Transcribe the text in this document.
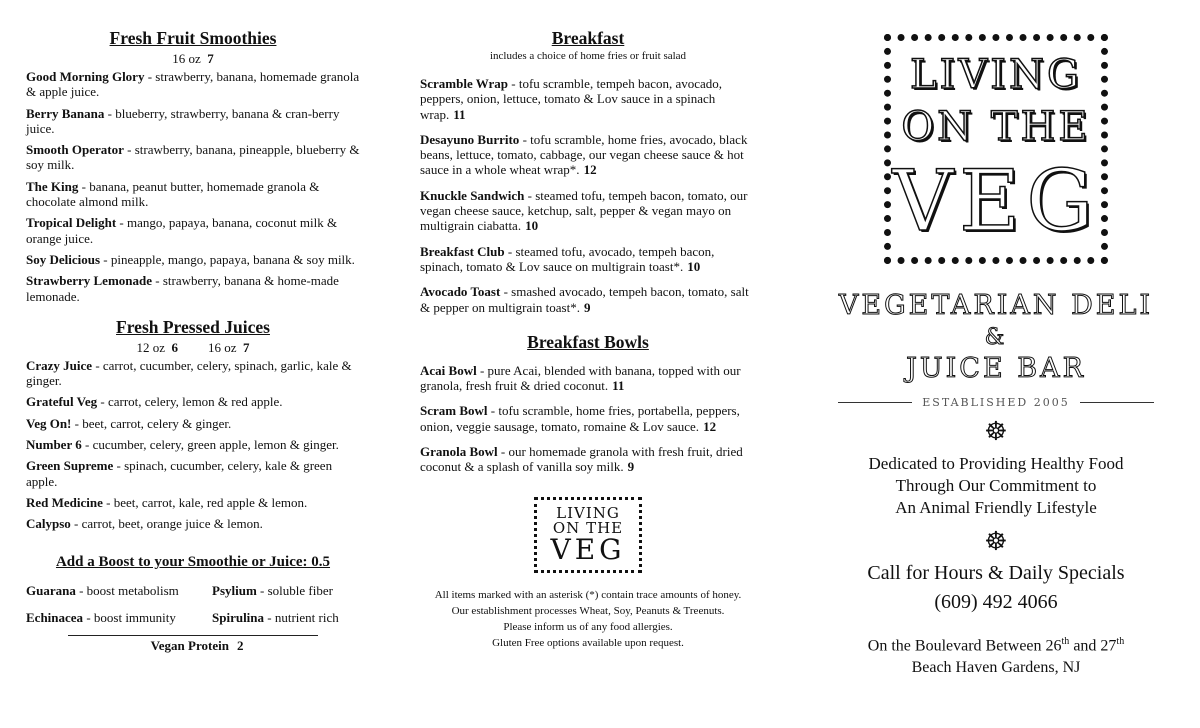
Fresh Fruit Smoothies
16 oz 7

Good Morning Glory - strawberry, banana, homemade granola & apple juice.

Berry Banana - blueberry, strawberry, banana & cran-berry juice.

Smooth Operator - strawberry, banana, pineapple, blueberry & soy milk.

The King - banana, peanut butter, homemade granola & chocolate almond milk.

Tropical Delight - mango, papaya, banana, coconut milk & orange juice.

Soy Delicious - pineapple, mango, papaya, banana & soy milk.

Strawberry Lemonade - strawberry, banana & home-made lemonade.

Fresh Pressed Juices
12 oz 6 16 oz 7

Crazy Juice - carrot, cucumber, celery, spinach, garlic, kale & ginger.

Grateful Veg - carrot, celery, lemon & red apple.

Veg On! - beet, carrot, celery & ginger.

Number 6 - cucumber, celery, green apple, lemon & ginger.

Green Supreme - spinach, cucumber, celery, kale & green apple.

Red Medicine - beet, carrot, kale, red apple & lemon.

Calypso - carrot, beet, orange juice & lemon.

Add a Boost to your Smoothie or Juice: 0.5
Guarana - boost metabolism	Psylium - soluble fiber
Echinacea - boost immunity	Spirulina - nutrient rich
Vegan Protein 2
Breakfast

includes a choice of home fries or fruit salad

Scramble Wrap - tofu scramble, tempeh bacon, avocado, peppers, onion, lettuce, tomato & Lov sauce in a spinach wrap. 11

Desayuno Burrito - tofu scramble, home fries, avocado, black beans, lettuce, tomato, cabbage, our vegan cheese sauce & hot sauce in a whole wheat wrap*. 12

Knuckle Sandwich - steamed tofu, tempeh bacon, tomato, our vegan cheese sauce, ketchup, salt, pepper & vegan mayo on multigrain ciabatta. 10

Breakfast Club - steamed tofu, avocado, tempeh bacon, spinach, tomato & Lov sauce on multigrain toast*. 10

Avocado Toast - smashed avocado, tempeh bacon, tomato, salt & pepper on multigrain toast*. 9

Breakfast Bowls

Acai Bowl - pure Acai, blended with banana, topped with our granola, fresh fruit & dried coconut. 11

Scram Bowl - tofu scramble, home fries, portabella, peppers, onion, veggie sausage, tomato, romaine & Lov sauce. 12

Granola Bowl - our homemade granola with fresh fruit, dried coconut & a splash of vanilla soy milk. 9

LIVING
ON THE
VEG
All items marked with an asterisk (*) contain trace amounts of honey.
Our establishment processes Wheat, Soy, Peanuts & Treenuts.
Please inform us of any food allergies.
Gluten Free options available upon request.
LIVING
ON THE
VEG
VEGETARIAN DELI
&
JUICE BAR
ESTABLISHED 2005
☸
Dedicated to Providing Healthy Food
Through Our Commitment to
An Animal Friendly Lifestyle
☸
Call for Hours & Daily Specials
(609) 492 4066
On the Boulevard Between 26th and 27th
Beach Haven Gardens, NJ
